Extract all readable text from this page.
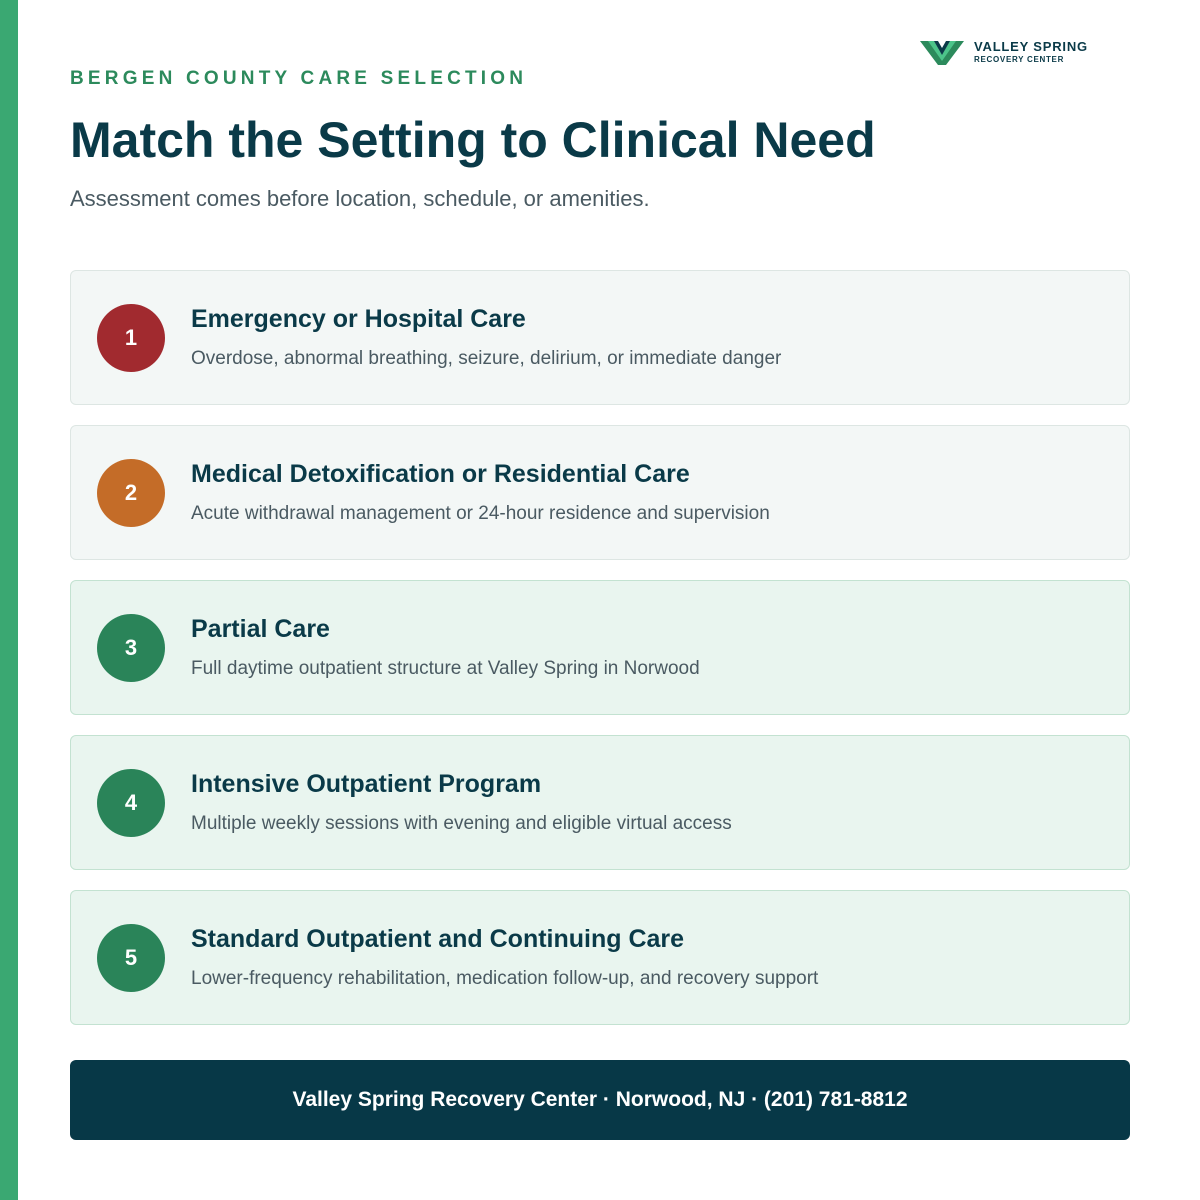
VALLEY SPRING
RECOVERY CENTER
BERGEN COUNTY CARE SELECTION
Match the Setting to Clinical Need
Assessment comes before location, schedule, or amenities.
1
Emergency or Hospital Care
Overdose, abnormal breathing, seizure, delirium, or immediate danger
2
Medical Detoxification or Residential Care
Acute withdrawal management or 24-hour residence and supervision
3
Partial Care
Full daytime outpatient structure at Valley Spring in Norwood
4
Intensive Outpatient Program
Multiple weekly sessions with evening and eligible virtual access
5
Standard Outpatient and Continuing Care
Lower-frequency rehabilitation, medication follow-up, and recovery support
Valley Spring Recovery Center · Norwood, NJ · (201) 781-8812
